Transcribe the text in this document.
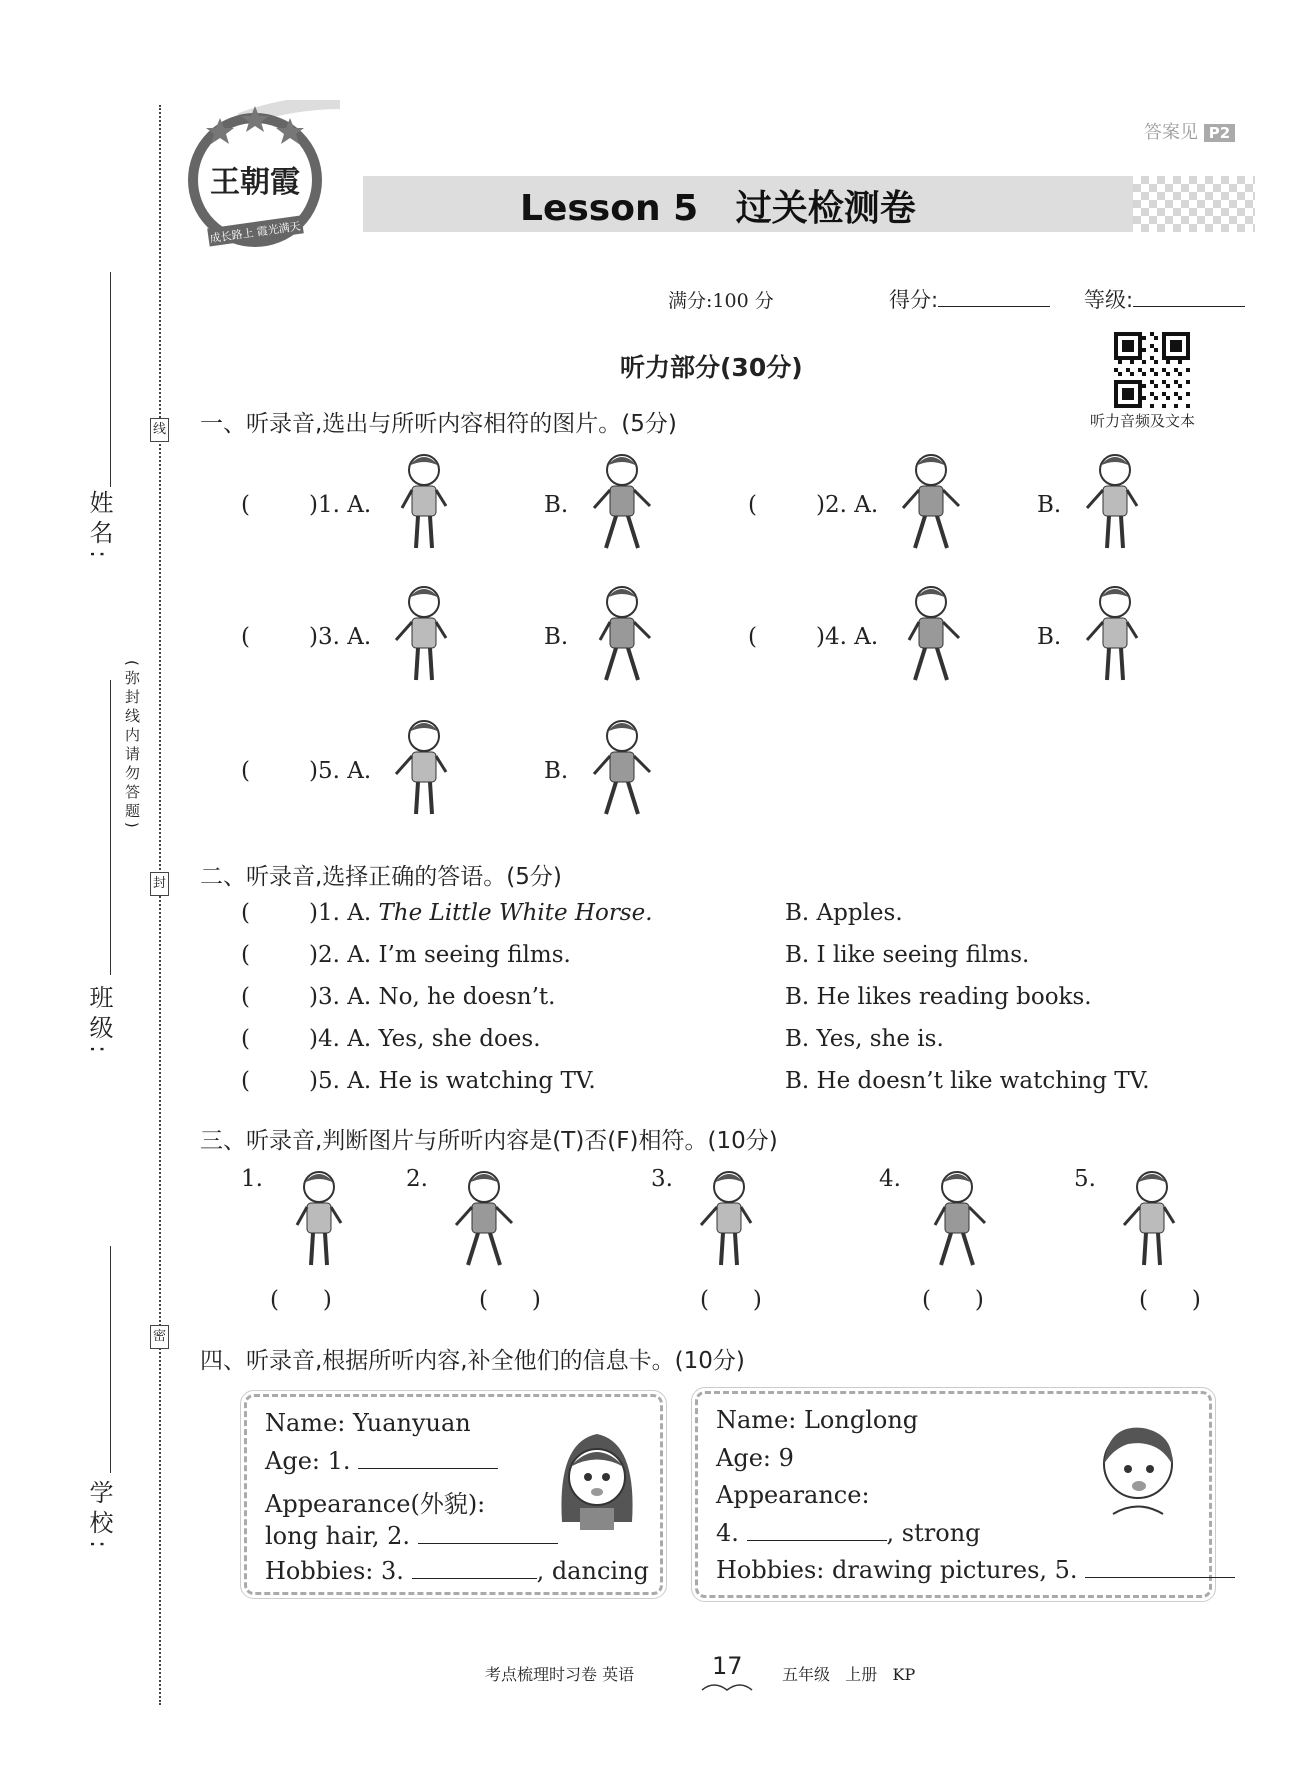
姓名:
班级:
学校:
线
封
密
(弥封线内请勿答题)
王朝霞
成长路上 霞光满天
答案见 P2
Lesson 5   过关检测卷
满分:100 分	得分:	等级:
听力部分(30分)
听力音频及文本
一、听录音,选出与所听内容相符的图片。(5分)
(	)1. A.	B.	(	)2. A.	B.
(	)3. A.	B.	(	)4. A.	B.
(	)5. A.	B.
二、听录音,选择正确的答语。(5分)
(	)1. A. The Little White Horse.	B. Apples.
(	)2. A. I’m seeing films.	B. I like seeing films.
(	)3. A. No, he doesn’t.	B. He likes reading books.
(	)4. A. Yes, she does.	B. Yes, she is.
(	)5. A. He is watching TV.	B. He doesn’t like watching TV.
三、听录音,判断图片与所听内容是(T)否(F)相符。(10分)
1.
(      )
2.
(      )
3.
(      )
4.
(      )
5.
(      )
四、听录音,根据所听内容,补全他们的信息卡。(10分)
Name: Yuanyuan
Age: 1.
Appearance(外貌):
long hair, 2.
Hobbies: 3.	, dancing
Name: Longlong
Age: 9
Appearance:
4.	, strong
Hobbies: drawing pictures, 5.
考点梳理时习卷 英语	17 五年级   上册   KP
